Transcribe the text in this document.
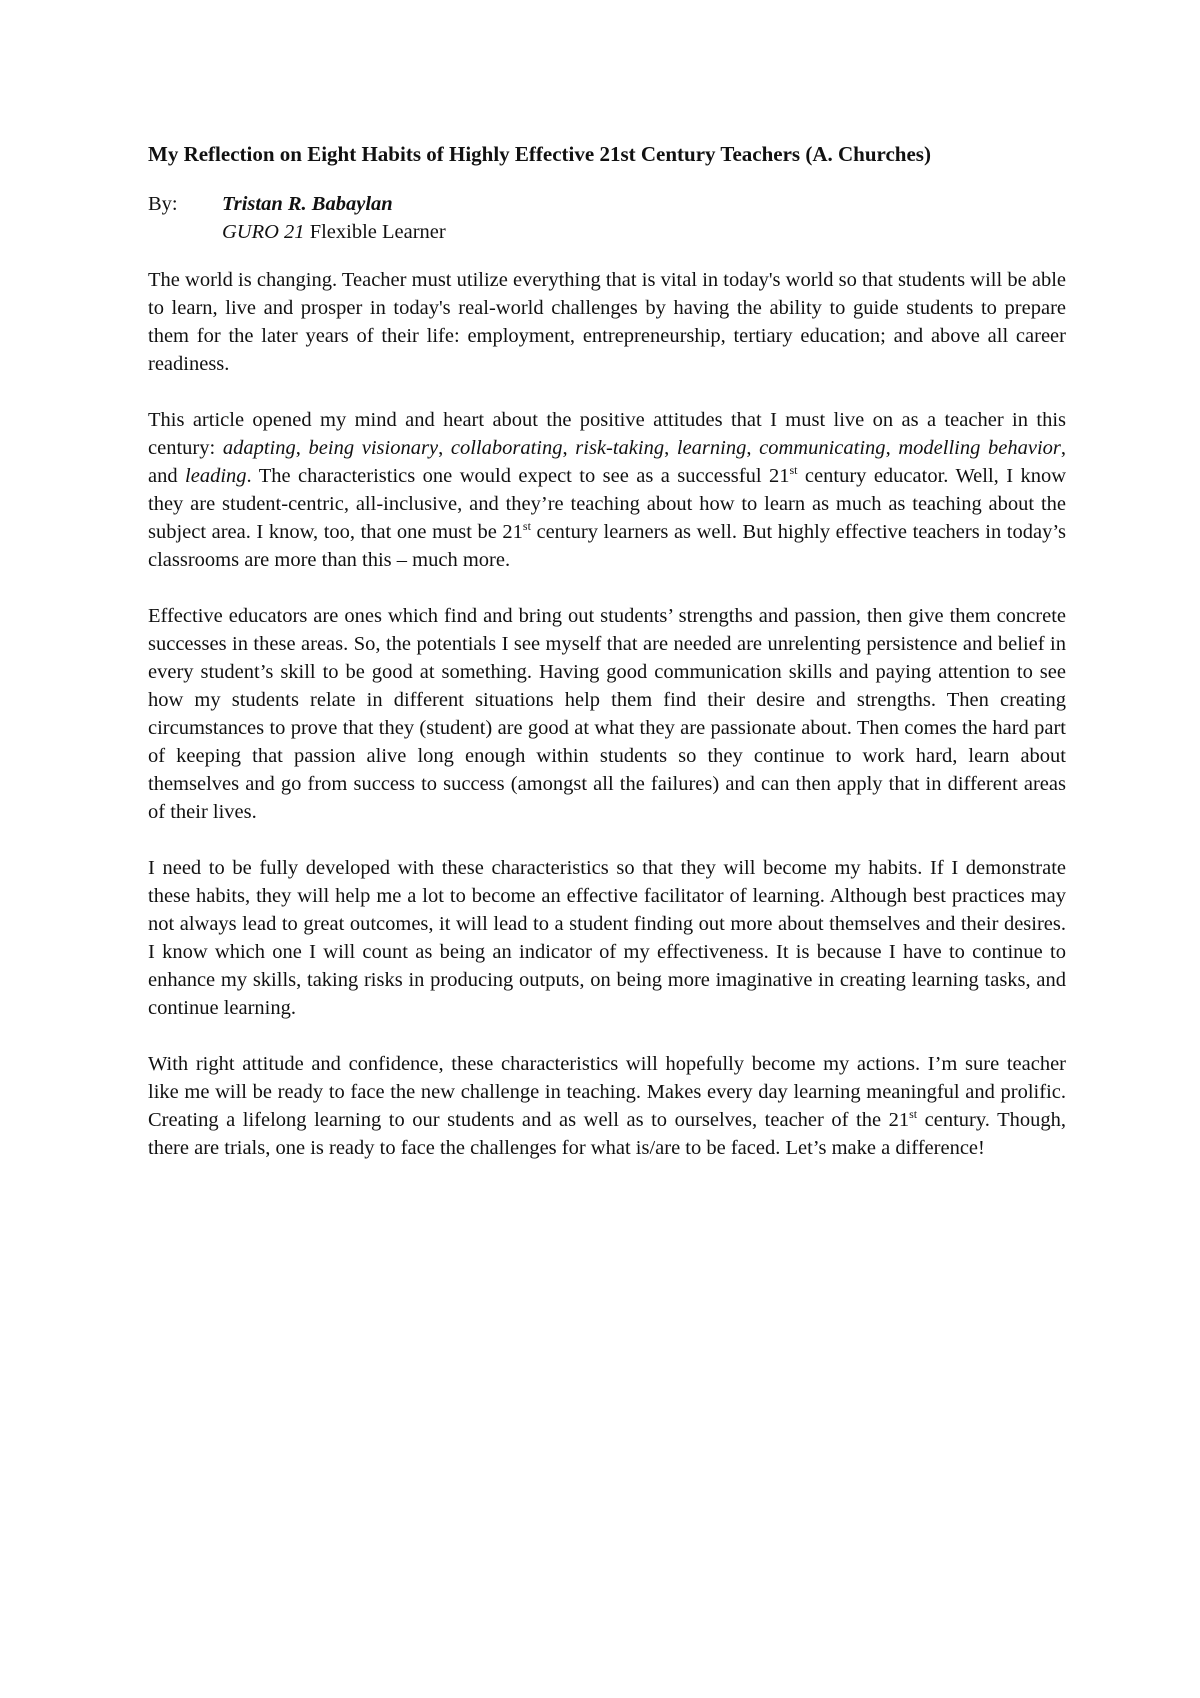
My Reflection on Eight Habits of Highly Effective 21st Century Teachers (A. Churches)
By:	Tristan R. Babaylan
GURO 21 Flexible Learner

The world is changing. Teacher must utilize everything that is vital in today's world so that students will be able to learn, live and prosper in today's real-world challenges by having the ability to guide students to prepare them for the later years of their life: employment, entrepreneurship, tertiary education; and above all career readiness.

This article opened my mind and heart about the positive attitudes that I must live on as a teacher in this century: adapting, being visionary, collaborating, risk-taking, learning, communicating, modelling behavior, and leading. The characteristics one would expect to see as a successful 21st century educator. Well, I know they are student-centric, all-inclusive, and they’re teaching about how to learn as much as teaching about the subject area. I know, too, that one must be 21st century learners as well. But highly effective teachers in today’s classrooms are more than this – much more.

Effective educators are ones which find and bring out students’ strengths and passion, then give them concrete successes in these areas. So, the potentials I see myself that are needed are unrelenting persistence and belief in every student’s skill to be good at something. Having good communication skills and paying attention to see how my students relate in different situations help them find their desire and strengths. Then creating circumstances to prove that they (student) are good at what they are passionate about. Then comes the hard part of keeping that passion alive long enough within students so they continue to work hard, learn about themselves and go from success to success (amongst all the failures) and can then apply that in different areas of their lives.

I need to be fully developed with these characteristics so that they will become my habits. If I demonstrate these habits, they will help me a lot to become an effective facilitator of learning. Although best practices may not always lead to great outcomes, it will lead to a student finding out more about themselves and their desires. I know which one I will count as being an indicator of my effectiveness. It is because I have to continue to enhance my skills, taking risks in producing outputs, on being more imaginative in creating learning tasks, and continue learning.

With right attitude and confidence, these characteristics will hopefully become my actions. I’m sure teacher like me will be ready to face the new challenge in teaching. Makes every day learning meaningful and prolific. Creating a lifelong learning to our students and as well as to ourselves, teacher of the 21st century. Though, there are trials, one is ready to face the challenges for what is/are to be faced. Let’s make a difference!
